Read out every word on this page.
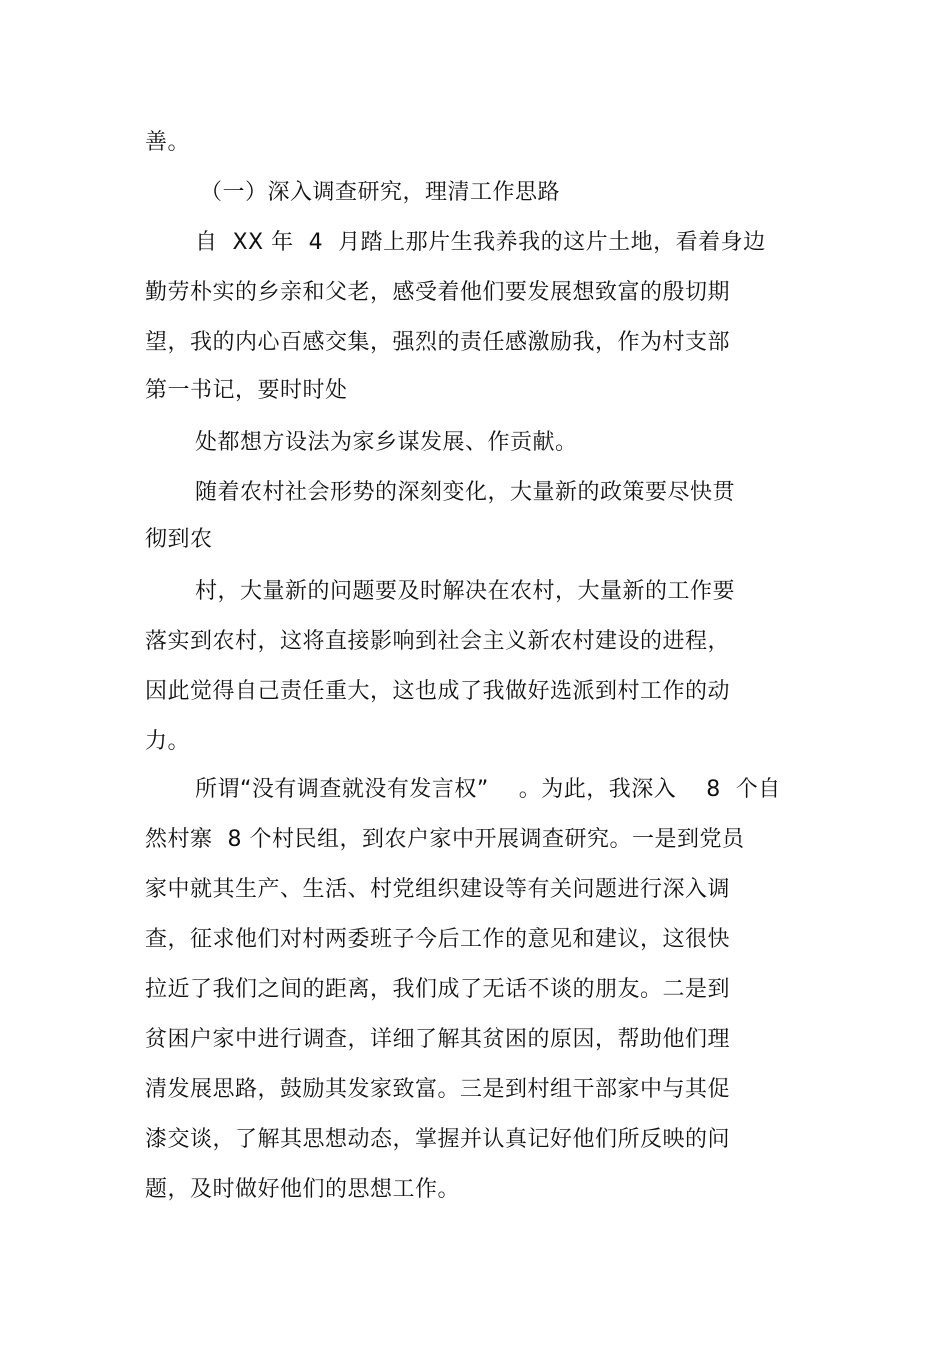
善。
（一）深入调查研究，理清工作思路
自  XX 年  4  月踏上那片生我养我的这片土地，看着身边
勤劳朴实的乡亲和父老，感受着他们要发展想致富的殷切期
望，我的内心百感交集，强烈的责任感激励我，作为村支部
第一书记，要时时处
处都想方设法为家乡谋发展、作贡献。
随着农村社会形势的深刻变化，大量新的政策要尽快贯
彻到农
村，大量新的问题要及时解决在农村，大量新的工作要
落实到农村，这将直接影响到社会主义新农村建设的进程，
因此觉得自己责任重大，这也成了我做好选派到村工作的动
力。
所谓“没有调查就没有发言权”    。为此，我深入    8  个自
然村寨  8 个村民组，到农户家中开展调查研究。一是到党员
家中就其生产、生活、村党组织建设等有关问题进行深入调
查，征求他们对村两委班子今后工作的意见和建议，这很快
拉近了我们之间的距离，我们成了无话不谈的朋友。二是到
贫困户家中进行调查，详细了解其贫困的原因，帮助他们理
清发展思路，鼓励其发家致富。三是到村组干部家中与其促
漆交谈，了解其思想动态，掌握并认真记好他们所反映的问
题，及时做好他们的思想工作。
